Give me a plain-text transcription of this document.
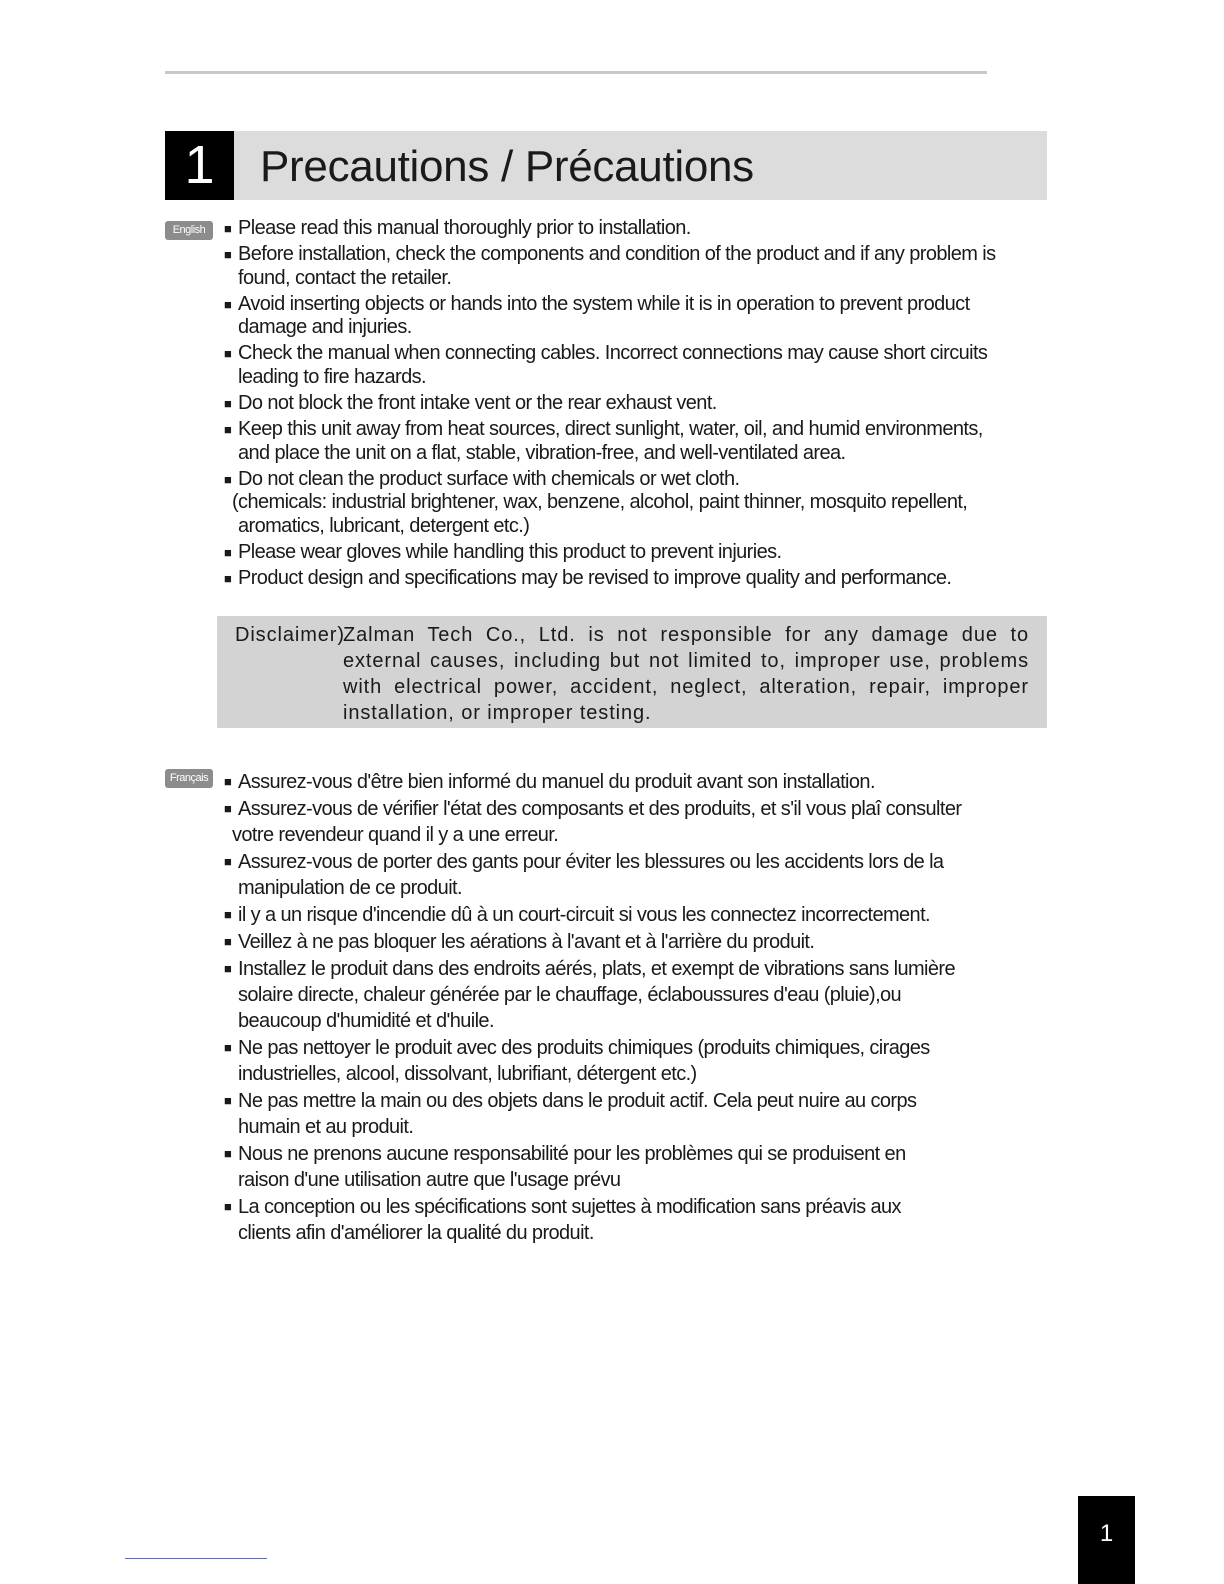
1	Precautions / Précautions
English	■ Please read this manual thoroughly prior to installation.
■ Before installation, check the components and condition of the product and if any problem is
found, contact the retailer.
■ Avoid inserting objects or hands into the system while it is in operation to prevent product
damage and injuries.
■ Check the manual when connecting cables. Incorrect connections may cause short circuits
leading to fire hazards.
■ Do not block the front intake vent or the rear exhaust vent.
■ Keep this unit away from heat sources, direct sunlight, water, oil, and humid environments,
and place the unit on a flat, stable, vibration-free, and well-ventilated area.
■ Do not clean the product surface with chemicals or wet cloth.
(chemicals: industrial brightener, wax, benzene, alcohol, paint thinner, mosquito repellent,
aromatics, lubricant, detergent etc.)
■ Please wear gloves while handling this product to prevent injuries.
■ Product design and specifications may be revised to improve quality and performance.
Disclaimer)
Zalman Tech Co., Ltd. is not responsible for any damage due to external causes, including but not limited to, improper use, problems with electrical power, accident, neglect, alteration, repair, improper installation, or improper testing.
Français	■ Assurez-vous d'être bien informé du manuel du produit avant son installation.
■ Assurez-vous de vérifier l'état des composants et des produits, et s'il vous plaî consulter
votre revendeur quand il y a une erreur.
■ Assurez-vous de porter des gants pour éviter les blessures ou les accidents lors de la
manipulation de ce produit.
■ il y a un risque d'incendie dû à un court-circuit si vous les connectez incorrectement.
■ Veillez à ne pas bloquer les aérations à l'avant et à l'arrière du produit.
■ Installez le produit dans des endroits aérés, plats, et exempt de vibrations sans lumière
solaire directe, chaleur générée par le chauffage, éclaboussures d'eau (pluie),ou
beaucoup d'humidité et d'huile.
■ Ne pas nettoyer le produit avec des produits chimiques (produits chimiques, cirages
industrielles, alcool, dissolvant, lubrifiant, détergent etc.)
■ Ne pas mettre la main ou des objets dans le produit actif. Cela peut nuire au corps
humain et au produit.
■ Nous ne prenons aucune responsabilité pour les problèmes qui se produisent en
raison d'une utilisation autre que l'usage prévu
■ La conception ou les spécifications sont sujettes à modification sans préavis aux
clients afin d'améliorer la qualité du produit.
1
